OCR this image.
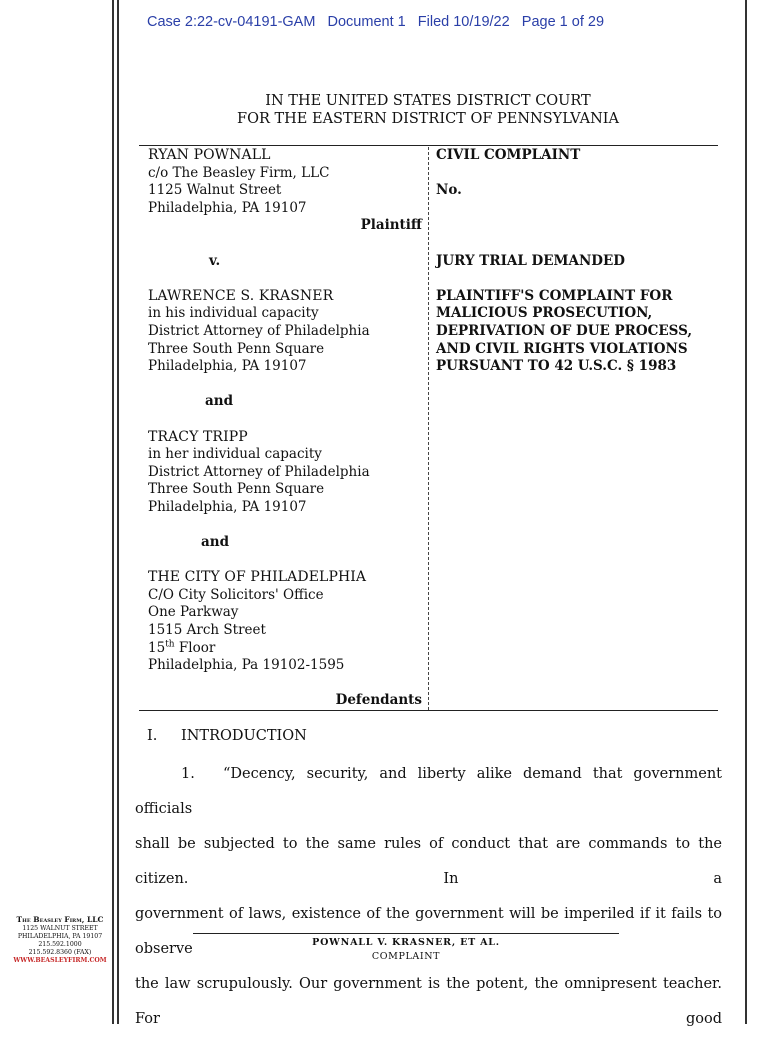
Case 2:22-cv-04191-GAM   Document 1   Filed 10/19/22   Page 1 of 29
IN THE UNITED STATES DISTRICT COURT
FOR THE EASTERN DISTRICT OF PENNSYLVANIA
RYAN POWNALL
c/o The Beasley Firm, LLC
1125 Walnut Street
Philadelphia, PA 19107
Plaintiff
v.
LAWRENCE S. KRASNER
in his individual capacity
District Attorney of Philadelphia
Three South Penn Square
Philadelphia, PA 19107
and
TRACY TRIPP
in her individual capacity
District Attorney of Philadelphia
Three South Penn Square
Philadelphia, PA 19107
and
THE CITY OF PHILADELPHIA
C/O City Solicitors' Office
One Parkway
1515 Arch Street
15th Floor
Philadelphia, Pa 19102-1595
Defendants
CIVIL COMPLAINT
No.
JURY TRIAL DEMANDED
PLAINTIFF'S COMPLAINT FOR
MALICIOUS PROSECUTION,
DEPRIVATION OF DUE PROCESS,
AND CIVIL RIGHTS VIOLATIONS
PURSUANT TO 42 U.S.C. § 1983
I. INTRODUCTION
1. “Decency, security, and liberty alike demand that government officials
shall be subjected to the same rules of conduct that are commands to the citizen. In a
government of laws, existence of the government will be imperiled if it fails to observe
the law scrupulously. Our government is the potent, the omnipresent teacher. For good
The Beasley Firm, LLC
1125 WALNUT STREET
PHILADELPHIA, PA 19107
215.592.1000
215.592.8360 (FAX)
WWW.BEASLEYFIRM.COM
POWNALL V. KRASNER, ET AL.
COMPLAINT
